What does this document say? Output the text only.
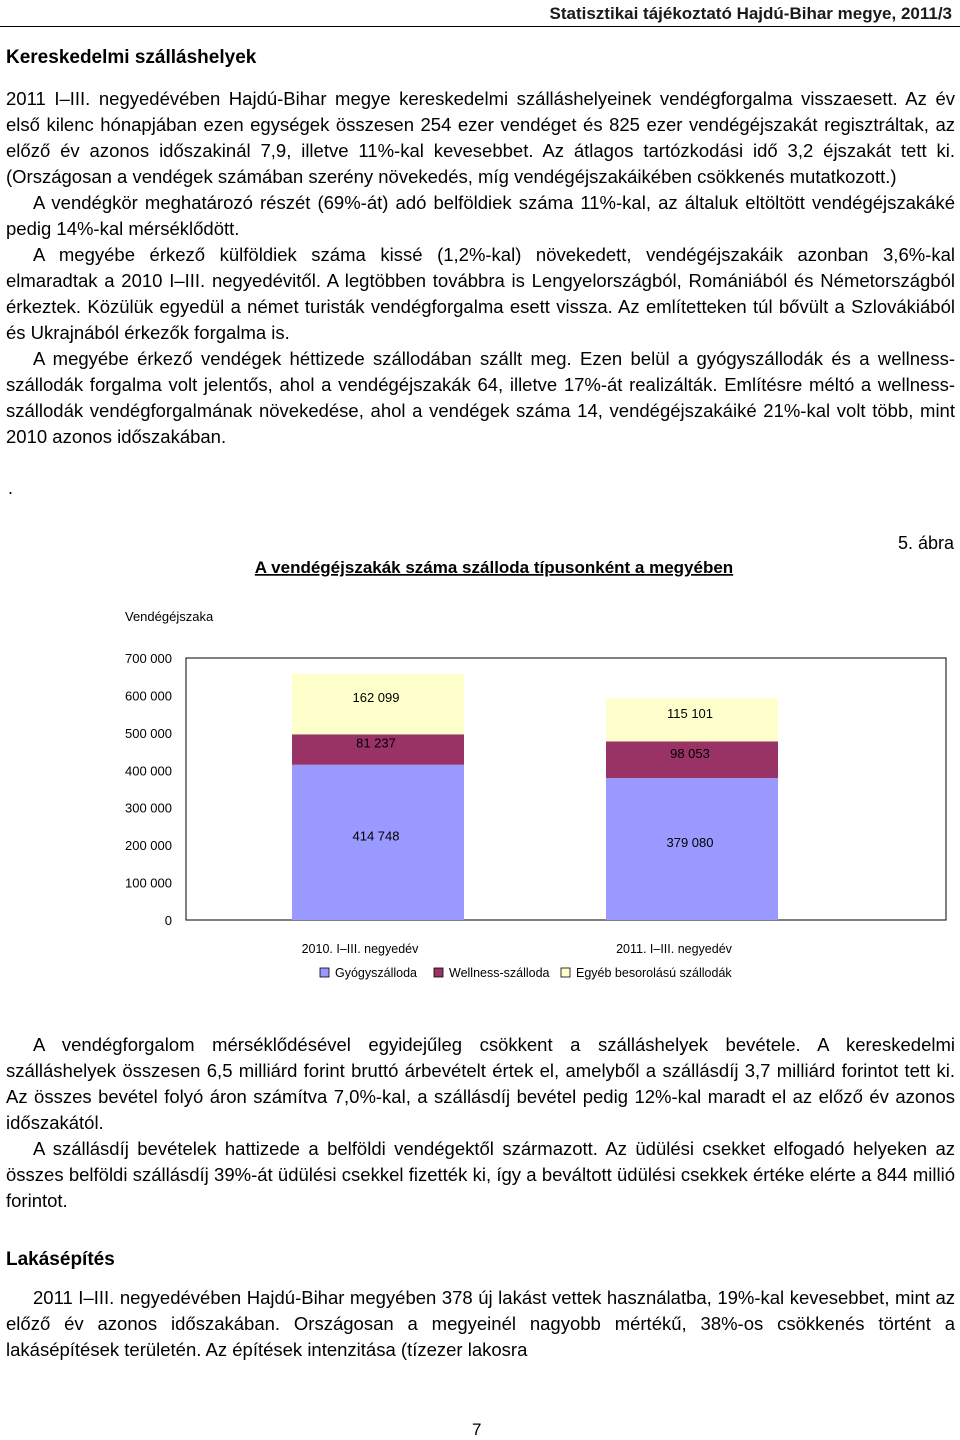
Statisztikai tájékoztató Hajdú-Bihar megye, 2011/3
Kereskedelmi szálláshelyek

2011 I–III. negyedévében Hajdú-Bihar megye kereskedelmi szálláshelyeinek vendégforgalma visszaesett. Az év első kilenc hónapjában ezen egységek összesen 254 ezer vendéget és 825 ezer vendégéjszakát regisztráltak, az előző év azonos időszakinál 7,9, illetve 11%-kal kevesebbet. Az átlagos tartózkodási idő 3,2 éjszakát tett ki. (Országosan a vendégek számában szerény növekedés, míg vendégéjszakáikében csökkenés mutatkozott.)

A vendégkör meghatározó részét (69%-át) adó belföldiek száma 11%-kal, az általuk eltöltött vendégéjszakáké pedig 14%-kal mérséklődött.

A megyébe érkező külföldiek száma kissé (1,2%-kal) növekedett, vendégéjszakáik azonban 3,6%-kal elmaradtak a 2010 I–III. negyedévitől. A legtöbben továbbra is Lengyelországból, Romániából és Németországból érkeztek. Közülük egyedül a német turisták vendégforgalma esett vissza. Az említetteken túl bővült a Szlovákiából és Ukrajnából érkezők forgalma is.

A megyébe érkező vendégek héttizede szállodában szállt meg. Ezen belül a gyógyszállodák és a wellness-szállodák forgalma volt jelentős, ahol a vendégéjszakák 64, illetve 17%-át realizálták. Említésre méltó a wellness-szállodák vendégforgalmának növekedése, ahol a vendégek száma 14, vendégéjszakáiké 21%-kal volt több, mint 2010 azonos időszakában.

.
A vendégéjszakák száma szálloda típusonként a megyében
5. ábra
Vendégéjszaka
0
100 000
200 000
300 000
400 000
500 000
600 000
700 000
414 748
81 237
162 099
2010. I–III. negyedév
379 080
98 053
115 101
2011. I–III. negyedév
Gyógyszálloda	Wellness-szálloda Egyéb besorolású szállodák

A vendégforgalom mérséklődésével egyidejűleg csökkent a szálláshelyek bevétele. A kereskedelmi szálláshelyek összesen 6,5 milliárd forint bruttó árbevételt értek el, amelyből a szállásdíj 3,7 milliárd forintot tett ki. Az összes bevétel folyó áron számítva 7,0%-kal, a szállásdíj bevétel pedig 12%-kal maradt el az előző év azonos időszakától.

A szállásdíj bevételek hattizede a belföldi vendégektől származott. Az üdülési csekket elfogadó helyeken az összes belföldi szállásdíj 39%-át üdülési csekkel fizették ki, így a beváltott üdülési csekkek értéke elérte a 844 millió forintot.

Lakásépítés

2011 I–III. negyedévében Hajdú-Bihar megyében 378 új lakást vettek használatba, 19%-kal kevesebbet, mint az előző év azonos időszakában. Országosan a megyeinél nagyobb mértékű, 38%-os csökkenés történt a lakásépítések területén. Az építések intenzitása (tízezer lakosra

7
